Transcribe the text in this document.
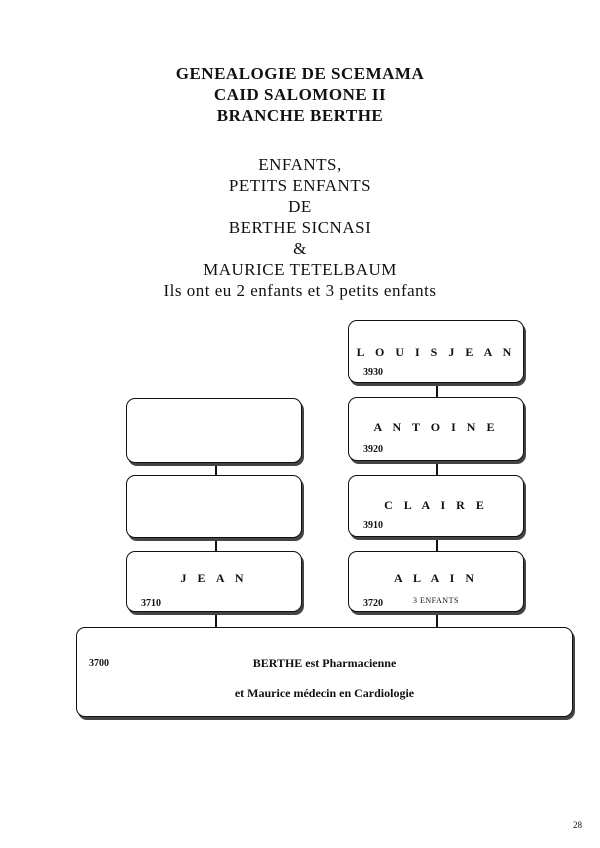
GENEALOGIE DE SCEMAMA
CAID SALOMONE II
BRANCHE BERTHE
ENFANTS,
PETITS ENFANTS
DE
BERTHE SICNASI
&
MAURICE TETELBAUM
Ils ont eu 2 enfants et 3 petits enfants
J E A N
3710
L O U I S J E A N
3930
A N T O I N E
3920
C L A I R E
3910
A L A I N
3720	3 ENFANTS
3700	BERTHE est Pharmacienne
et Maurice médecin en Cardiologie
28
